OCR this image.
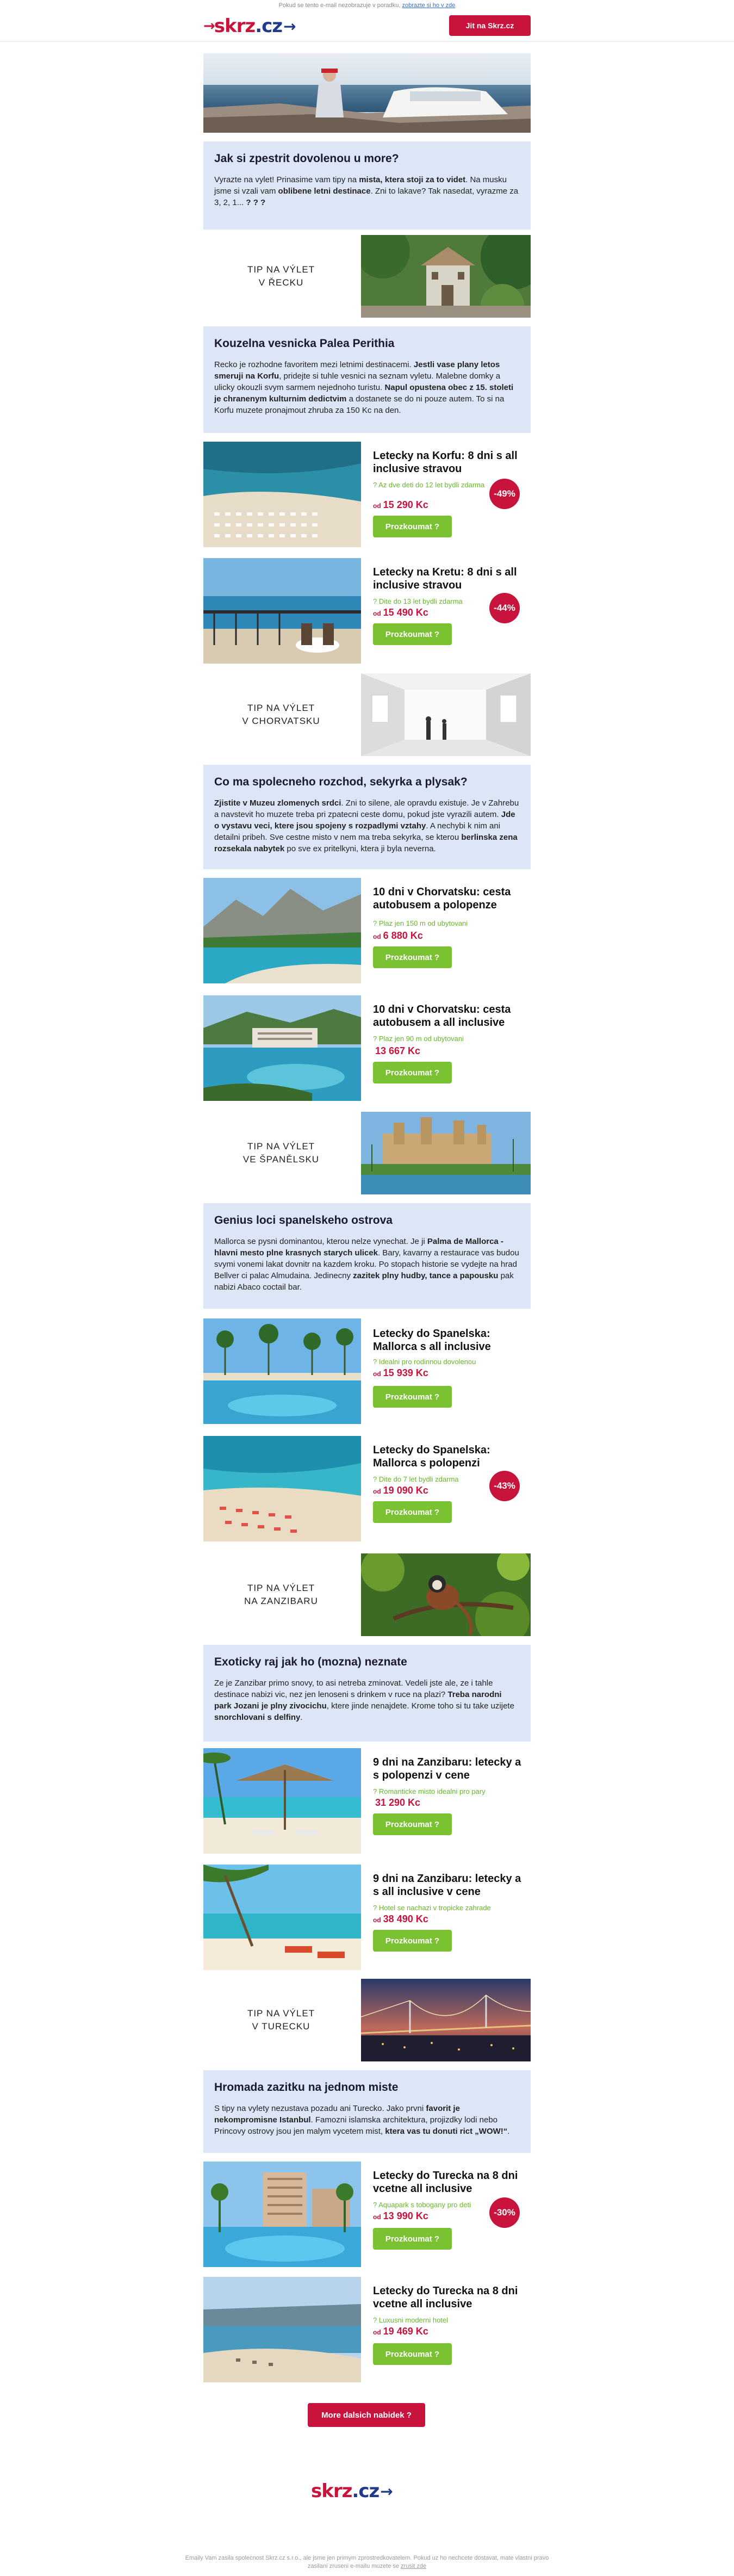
Pokud se tento e-mail nezobrazuje v poradku, zobrazte si ho v zde
→ skrz .cz →	Jit na Skrz.cz
Jak si zpestrit dovolenou u more?

Vyrazte na vylet! Prinasime vam tipy na mista, ktera stoji za to videt. Na musku jsme si vzali vam oblibene letni destinace. Zni to lakave? Tak nasedat, vyrazme za 3, 2, 1... ? ? ?

TIP NA VÝLET
V ŘECKU
Kouzelna vesnicka Palea Perithia

Recko je rozhodne favoritem mezi letnimi destinacemi. Jestli vase plany letos smeruji na Korfu, pridejte si tuhle vesnici na seznam vyletu. Malebne domky a ulicky okouzli svym sarmem nejednoho turistu. Napul opustena obec z 15. stoleti je chranenym kulturnim dedictvim a dostanete se do ni pouze autem. To si na Korfu muzete pronajmout zhruba za 150 Kc na den.

Letecky na Korfu: 8 dni s all inclusive stravou
? Az dve deti do 12 let bydli zdarma
od 15 290 Kc
Prozkoumat ?
-49%
Letecky na Kretu: 8 dni s all inclusive stravou
? Dite do 13 let bydli zdarma
od 15 490 Kc
Prozkoumat ?
-44%
TIP NA VÝLET
V CHORVATSKU
Co ma spolecneho rozchod, sekyrka a plysak?

Zjistite v Muzeu zlomenych srdci. Zni to silene, ale opravdu existuje. Je v Zahrebu a navstevit ho muzete treba pri zpatecni ceste domu, pokud jste vyrazili autem. Jde o vystavu veci, ktere jsou spojeny s rozpadlymi vztahy. A nechybi k nim ani detailni pribeh. Sve cestne misto v nem ma treba sekyrka, se kterou berlinska zena rozsekala nabytek po sve ex pritelkyni, ktera ji byla neverna.

10 dni v Chorvatsku: cesta autobusem a polopenze
? Plaz jen 150 m od ubytovani
od 6 880 Kc
Prozkoumat ?
10 dni v Chorvatsku: cesta autobusem a all inclusive
? Plaz jen 90 m od ubytovani
13 667 Kc
Prozkoumat ?
TIP NA VÝLET
VE ŠPANĚLSKU
Genius loci spanelskeho ostrova

Mallorca se pysni dominantou, kterou nelze vynechat. Je ji Palma de Mallorca - hlavni mesto plne krasnych starych ulicek. Bary, kavarny a restaurace vas budou svymi vonemi lakat dovnitr na kazdem kroku. Po stopach historie se vydejte na hrad Bellver ci palac Almudaina. Jedinecny zazitek plny hudby, tance a papousku pak nabizi Abaco coctail bar.

Letecky do Spanelska: Mallorca s all inclusive
? Idealni pro rodinnou dovolenou
od 15 939 Kc
Prozkoumat ?
Letecky do Spanelska: Mallorca s polopenzi
? Dite do 7 let bydli zdarma
od 19 090 Kc
Prozkoumat ?
-43%
TIP NA VÝLET
NA ZANZIBARU
Exoticky raj jak ho (mozna) neznate

Ze je Zanzibar primo snovy, to asi netreba zminovat. Vedeli jste ale, ze i tahle destinace nabizi vic, nez jen lenoseni s drinkem v ruce na plazi? Treba narodni park Jozani je plny zivocichu, ktere jinde nenajdete. Krome toho si tu take uzijete snorchlovani s delfiny.

9 dni na Zanzibaru: letecky a s polopenzi v cene
? Romanticke misto idealni pro pary
31 290 Kc
Prozkoumat ?
9 dni na Zanzibaru: letecky a s all inclusive v cene
? Hotel se nachazi v tropicke zahrade
od 38 490 Kc
Prozkoumat ?
TIP NA VÝLET
V TURECKU
Hromada zazitku na jednom miste

S tipy na vylety nezustava pozadu ani Turecko. Jako prvni favorit je nekompromisne Istanbul. Famozni islamska architektura, projizdky lodi nebo Princovy ostrovy jsou jen malym vycetem mist, ktera vas tu donuti rict „WOW!“.

Letecky do Turecka na 8 dni vcetne all inclusive
? Aquapark s tobogany pro deti
od 13 990 Kc
Prozkoumat ?
-30%
Letecky do Turecka na 8 dni vcetne all inclusive
? Luxusni moderni hotel
od 19 469 Kc
Prozkoumat ?
More dalsich nabidek ?
skrz .cz →
Emaily Vam zasila spolecnost Skrz.cz s.r.o., ale jsme jen primym zprostredkovatelem. Pokud uz ho nechcete dostavat, mate vlastni pravo
zasilani zruseni e-mailu muzete se zrusit zde
